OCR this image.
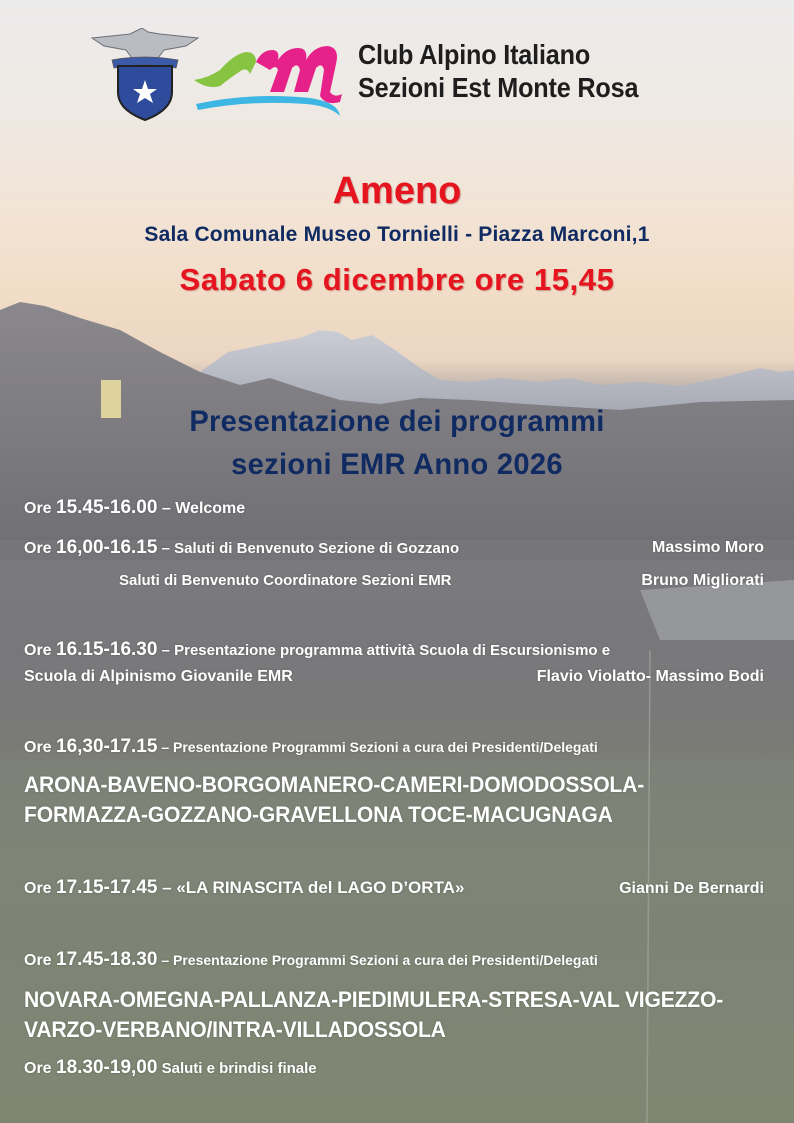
Club Alpino Italiano
Sezioni Est Monte Rosa
Ameno
Sala Comunale Museo Tornielli - Piazza Marconi,1
Sabato 6 dicembre ore 15,45
Presentazione dei programmi
sezioni EMR Anno 2026
Ore 15.45-16.00 – Welcome
Ore 16,00-16.15 – Saluti di Benvenuto Sezione di Gozzano	Massimo Moro
Saluti di Benvenuto Coordinatore Sezioni EMR	Bruno Migliorati
Ore 16.15-16.30 – Presentazione programma attività Scuola di Escursionismo e
Scuola di Alpinismo Giovanile EMR	Flavio Violatto- Massimo Bodi
Ore 16,30-17.15 – Presentazione Programmi Sezioni a cura dei Presidenti/Delegati
ARONA-BAVENO-BORGOMANERO-CAMERI-DOMODOSSOLA-
FORMAZZA-GOZZANO-GRAVELLONA TOCE-MACUGNAGA
Ore 17.15-17.45 – «LA RINASCITA del LAGO D’ORTA»	Gianni De Bernardi
Ore 17.45-18.30 – Presentazione Programmi Sezioni a cura dei Presidenti/Delegati
NOVARA-OMEGNA-PALLANZA-PIEDIMULERA-STRESA-VAL VIGEZZO-
VARZO-VERBANO/INTRA-VILLADOSSOLA
Ore 18.30-19,00 Saluti e brindisi finale
